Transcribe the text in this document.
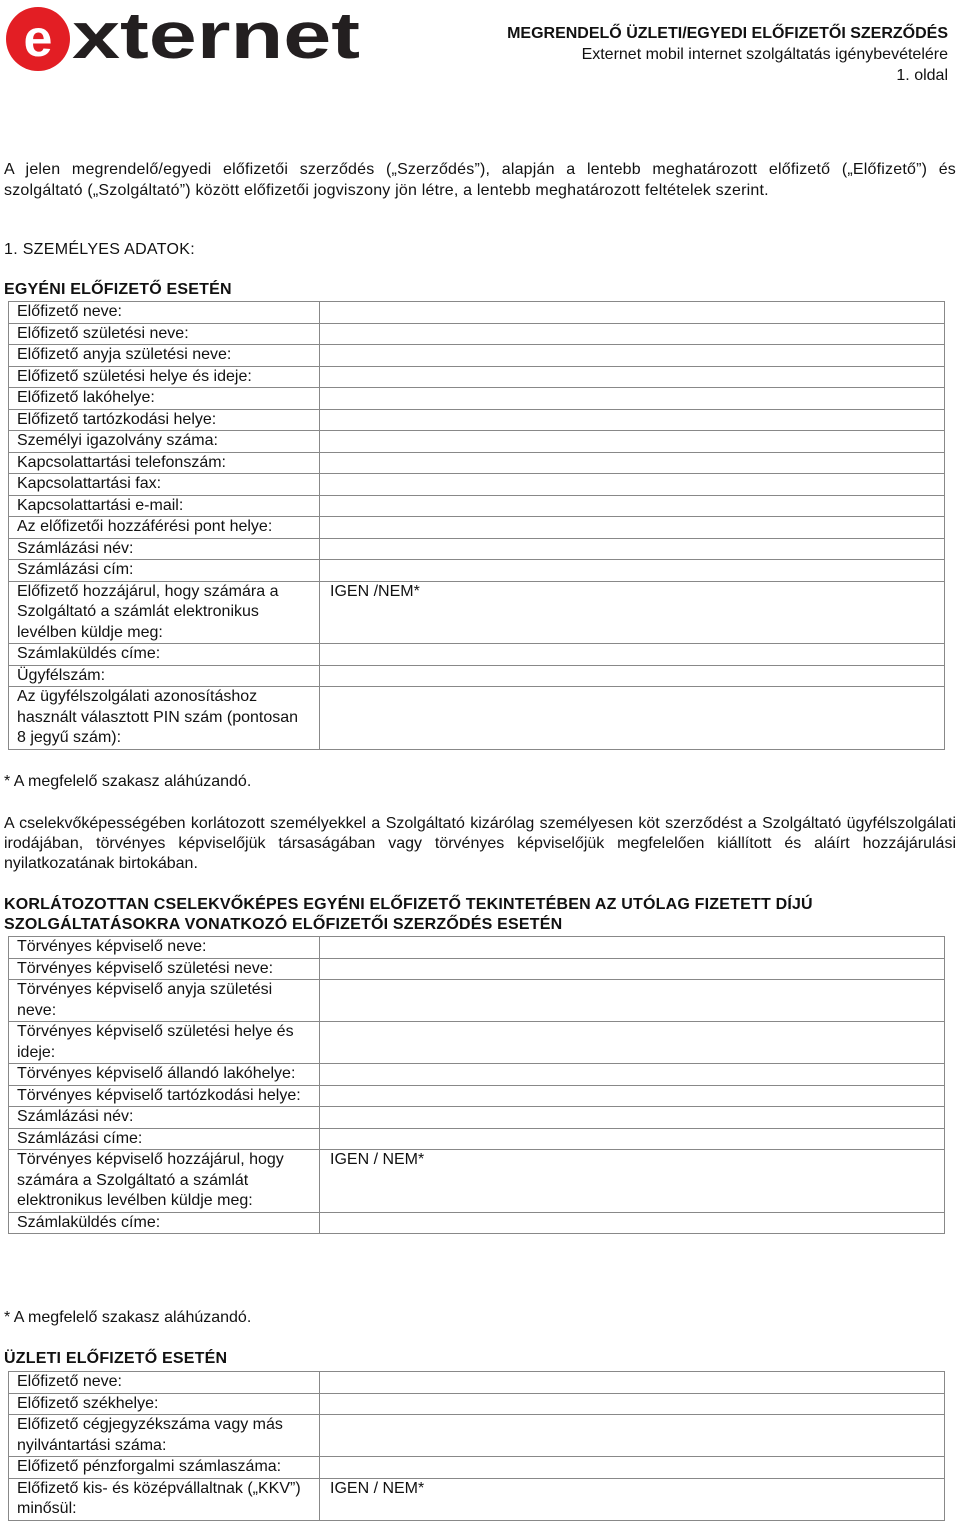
e xternet	MEGRENDELŐ ÜZLETI/EGYEDI ELŐFIZETŐI SZERZŐDÉS
Externet mobil internet szolgáltatás igénybevételére
1. oldal
A jelen megrendelő/egyedi előfizetői szerződés („Szerződés”), alapján a lentebb meghatározott előfizető („Előfizető”) és szolgáltató („Szolgáltató”) között előfizetői jogviszony jön létre, a lentebb meghatározott feltételek szerint.
1. SZEMÉLYES ADATOK:
EGYÉNI ELŐFIZETŐ ESETÉN
Előfizető neve:	
Előfizető születési neve:	
Előfizető anyja születési neve:	
Előfizető születési helye és ideje:	
Előfizető lakóhelye:	
Előfizető tartózkodási helye:	
Személyi igazolvány száma:	
Kapcsolattartási telefonszám:	
Kapcsolattartási fax:	
Kapcsolattartási e-mail:	
Az előfizetői hozzáférési pont helye:	
Számlázási név:	
Számlázási cím:	
Előfizető hozzájárul, hogy számára a Szolgáltató a számlát elektronikus levélben küldje meg:	IGEN /NEM*
Számlaküldés címe:	
Ügyfélszám:	
Az ügyfélszolgálati azonosításhoz használt választott PIN szám (pontosan 8 jegyű szám):	
* A megfelelő szakasz aláhúzandó.
A cselekvőképességében korlátozott személyekkel a Szolgáltató kizárólag személyesen köt szerződést a Szolgáltató ügyfélszolgálati irodájában, törvényes képviselőjük társaságában vagy törvényes képviselőjük megfelelően kiállított és aláírt hozzájárulási nyilatkozatának birtokában.
KORLÁTOZOTTAN CSELEKVŐKÉPES EGYÉNI ELŐFIZETŐ TEKINTETÉBEN AZ UTÓLAG FIZETETT DÍJÚ SZOLGÁLTATÁSOKRA VONATKOZÓ ELŐFIZETŐI SZERZŐDÉS ESETÉN
Törvényes képviselő neve:	
Törvényes képviselő születési neve:	
Törvényes képviselő anyja születési neve:	
Törvényes képviselő születési helye és ideje:	
Törvényes képviselő állandó lakóhelye:	
Törvényes képviselő tartózkodási helye:	
Számlázási név:	
Számlázási címe:	
Törvényes képviselő hozzájárul, hogy számára a Szolgáltató a számlát elektronikus levélben küldje meg:	IGEN / NEM*
Számlaküldés címe:	
* A megfelelő szakasz aláhúzandó.
ÜZLETI ELŐFIZETŐ ESETÉN
Előfizető neve:	
Előfizető székhelye:	
Előfizető cégjegyzékszáma vagy más nyilvántartási száma:	
Előfizető pénzforgalmi számlaszáma:	
Előfizető kis- és középvállaltnak („KKV”) minősül:	IGEN / NEM*
